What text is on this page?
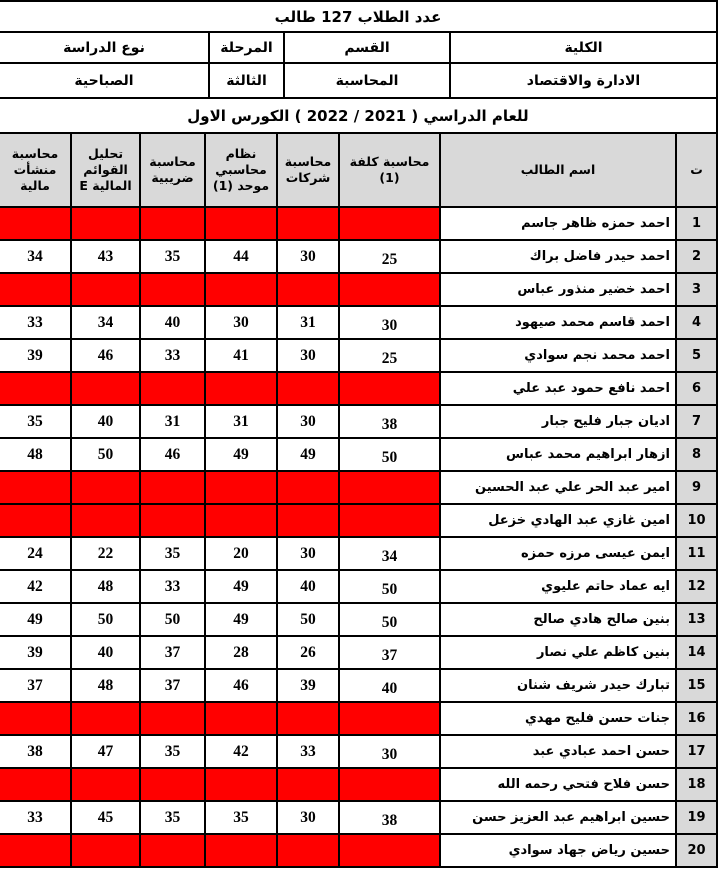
عدد الطلاب 127 طالب			
الكلية	القسم	المرحلة	نوع الدراسة
الادارة والاقتصاد	المحاسبة	الثالثة	الصباحية
للعام الدراسي ( 2021 / 2022 ) الكورس الاول			
ت	اسم الطالب	محاسبة كلفة (1)	محاسبة شركات	نظام محاسبي موحد (1)	محاسبة ضريبية	تحليل القوائم المالية E	محاسبة منشأت مالية
1	احمد حمزه ظاهر جاسم						
2	احمد حيدر فاضل براك	25	30	44	35	43	34
3	احمد خضير منذور عباس						
4	احمد قاسم محمد صيهود	30	31	30	40	34	33
5	احمد محمد نجم سوادي	25	30	41	33	46	39
6	احمد نافع حمود عبد علي						
7	اديان جبار فليح جبار	38	30	31	31	40	35
8	ازهار ابراهيم محمد عباس	50	49	49	46	50	48
9	امير عبد الحر علي عبد الحسين						
10	امين غازي عبد الهادي خزعل						
11	ايمن عيسى مرزه حمزه	34	30	20	35	22	24
12	ايه عماد حاتم عليوي	50	40	49	33	48	42
13	بنين صالح هادي صالح	50	50	49	50	50	49
14	بنين كاظم علي نصار	37	26	28	37	40	39
15	تبارك حيدر شريف شنان	40	39	46	37	48	37
16	جنات حسن فليح مهدي						
17	حسن احمد عبادي عبد	30	33	42	35	47	38
18	حسن فلاح فتحي رحمه الله						
19	حسين ابراهيم عبد العزيز حسن	38	30	35	35	45	33
20	حسين رياض جهاد سوادي						
